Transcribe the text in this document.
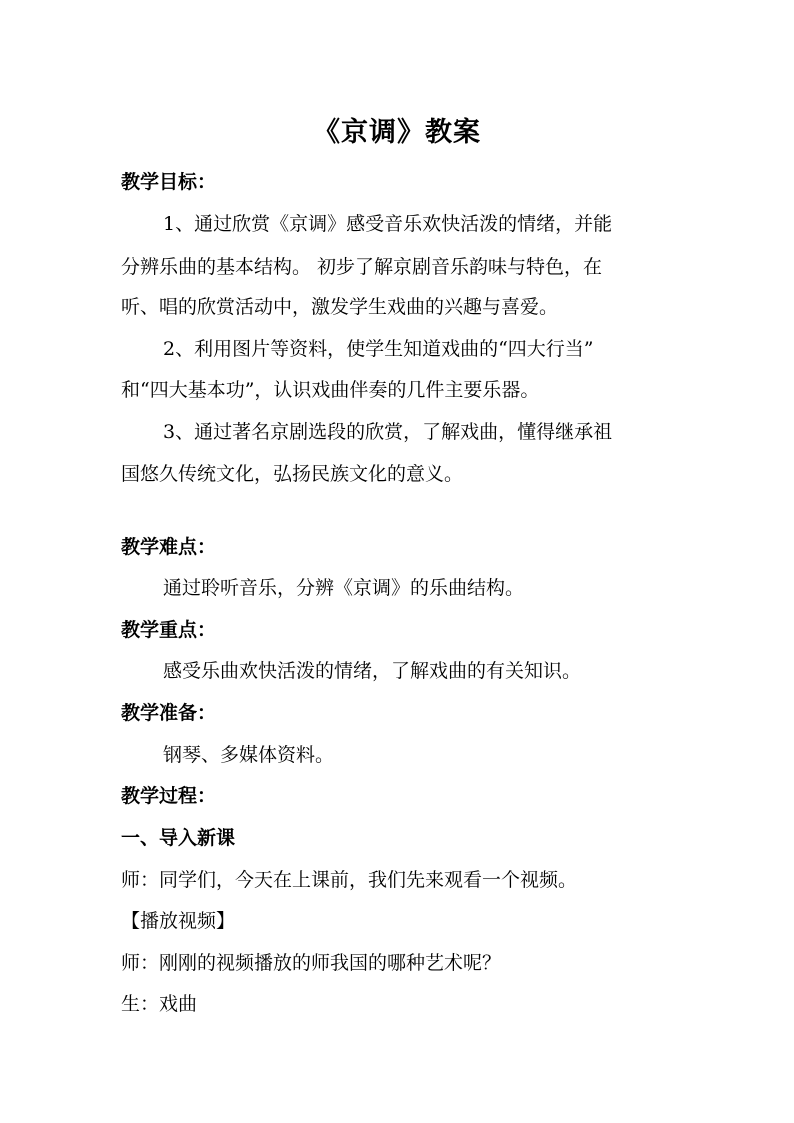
《京调》教案
教学目标：
1、通过欣赏《京调》感受音乐欢快活泼的情绪，并能
分辨乐曲的基本结构。 初步了解京剧音乐韵味与特色，在
听、唱的欣赏活动中，激发学生戏曲的兴趣与喜爱。
2、利用图片等资料，使学生知道戏曲的“四大行当”
和“四大基本功”，认识戏曲伴奏的几件主要乐器。
3、通过著名京剧选段的欣赏，了解戏曲，懂得继承祖
国悠久传统文化，弘扬民族文化的意义。
教学难点：
通过聆听音乐，分辨《京调》的乐曲结构。
教学重点：
感受乐曲欢快活泼的情绪，了解戏曲的有关知识。
教学准备：
钢琴、多媒体资料。
教学过程：
一、导入新课
师：同学们，今天在上课前，我们先来观看一个视频。
【播放视频】
师：刚刚的视频播放的师我国的哪种艺术呢？
生：戏曲
